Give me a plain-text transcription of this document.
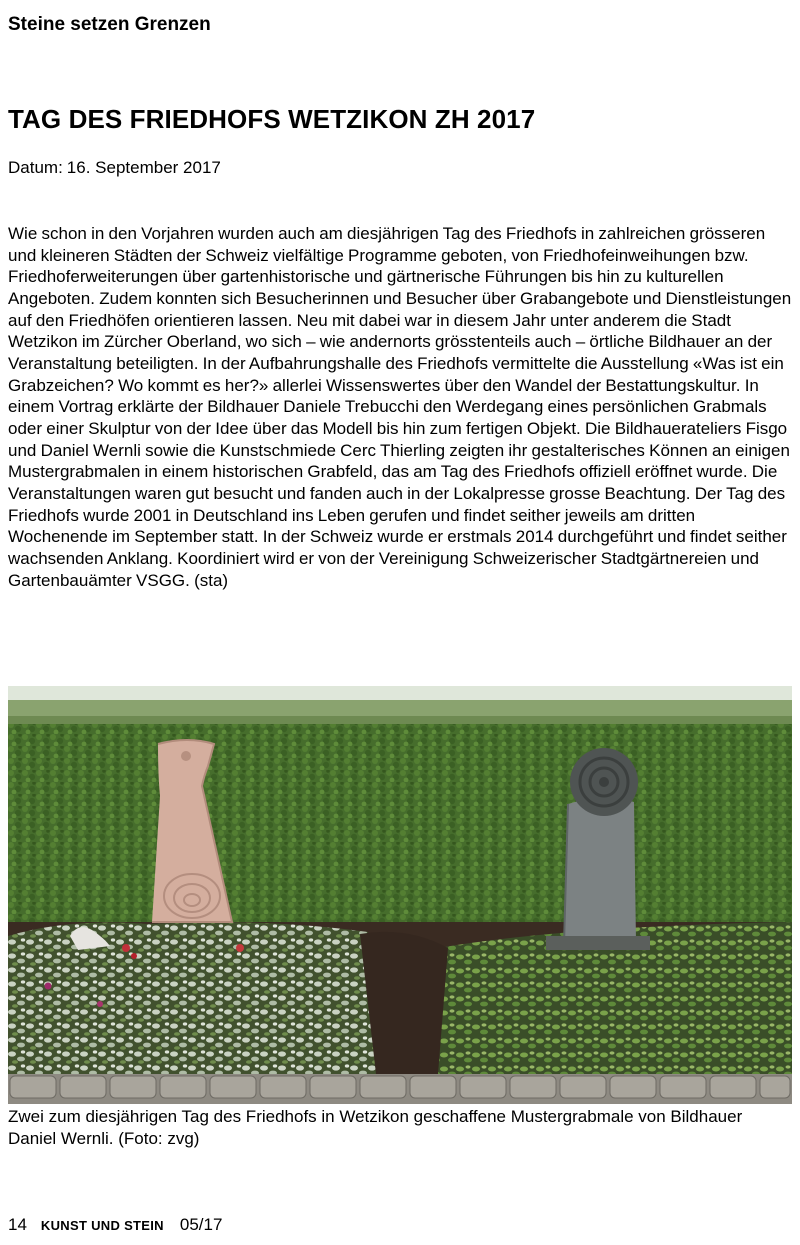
Steine setzen Grenzen
TAG DES FRIEDHOFS WETZIKON ZH 2017
Datum: 16. September 2017

Wie schon in den Vorjahren wurden auch am diesjährigen Tag des Friedhofs in zahlreichen grösseren und kleineren Städten der Schweiz vielfältige Programme geboten, von Friedhofeinweihungen bzw. Friedhoferweiterungen über gartenhistorische und gärtnerische Führungen bis hin zu kulturellen Angeboten. Zudem konnten sich Besucherinnen und Besucher über Grabangebote und Dienstleistungen auf den Friedhöfen orientieren lassen. Neu mit dabei war in diesem Jahr unter anderem die Stadt Wetzikon im Zürcher Oberland, wo sich – wie andernorts grösstenteils auch – örtliche Bildhauer an der Veranstaltung beteiligten. In der Aufbahrungshalle des Friedhofs vermittelte die Ausstellung «Was ist ein Grabzeichen? Wo kommt es her?» allerlei Wissenswertes über den Wandel der Bestattungskultur. In einem Vortrag erklärte der Bildhauer Daniele Trebucchi den Werdegang eines persönlichen Grabmals oder einer Skulptur von der Idee über das Modell bis hin zum fertigen Objekt. Die Bildhauerateliers Fisgo und Daniel Wernli sowie die Kunstschmiede Cerc Thierling zeigten ihr gestalterisches Können an einigen Mustergrabmalen in einem historischen Grabfeld, das am Tag des Friedhofs offiziell eröffnet wurde. Die Veranstaltungen waren gut besucht und fanden auch in der Lokalpresse grosse Beachtung. Der Tag des Friedhofs wurde 2001 in Deutschland ins Leben gerufen und findet seither jeweils am dritten Wochenende im September statt. In der Schweiz wurde er erstmals 2014 durchgeführt und findet seither wachsenden Anklang. Koordiniert wird er von der Vereinigung Schweizerischer Stadtgärtnereien und Gartenbauämter VSGG. (sta)

Zwei zum diesjährigen Tag des Friedhofs in Wetzikon geschaffene Mustergrabmale von Bildhauer Daniel Wernli. (Foto: zvg)

14 KUNST UND STEIN 05/17
